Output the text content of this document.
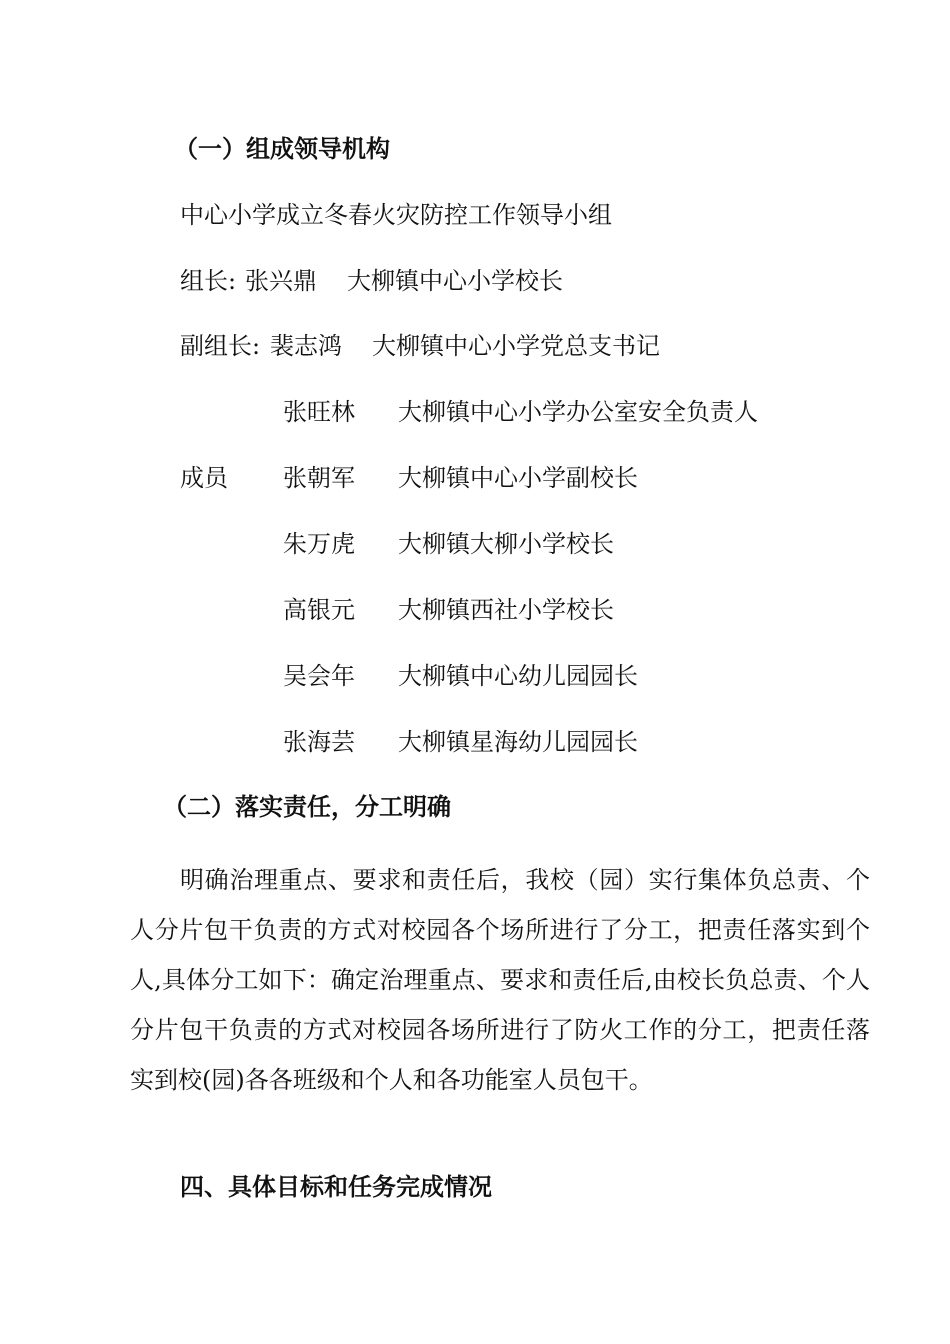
（一）组成领导机构
中心小学成立冬春火灾防控工作领导小组
组长: 张兴鼎 大柳镇中心小学校长
副组长: 裴志鸿 大柳镇中心小学党总支书记
成员
张旺林 大柳镇中心小学办公室安全负责人
张朝军 大柳镇中心小学副校长
朱万虎 大柳镇大柳小学校长
高银元 大柳镇西社小学校长
吴会年 大柳镇中心幼儿园园长
张海芸 大柳镇星海幼儿园园长
（二）落实责任，分工明确
明确治理重点、要求和责任后，我校（园）实行集体负总责、个人分片包干负责的方式对校园各个场所进行了分工，把责任落实到个人,具体分工如下：确定治理重点、要求和责任后,由校长负总责、个人分片包干负责的方式对校园各场所进行了防火工作的分工，把责任落实到校(园)各各班级和个人和各功能室人员包干。
四、具体目标和任务完成情况
